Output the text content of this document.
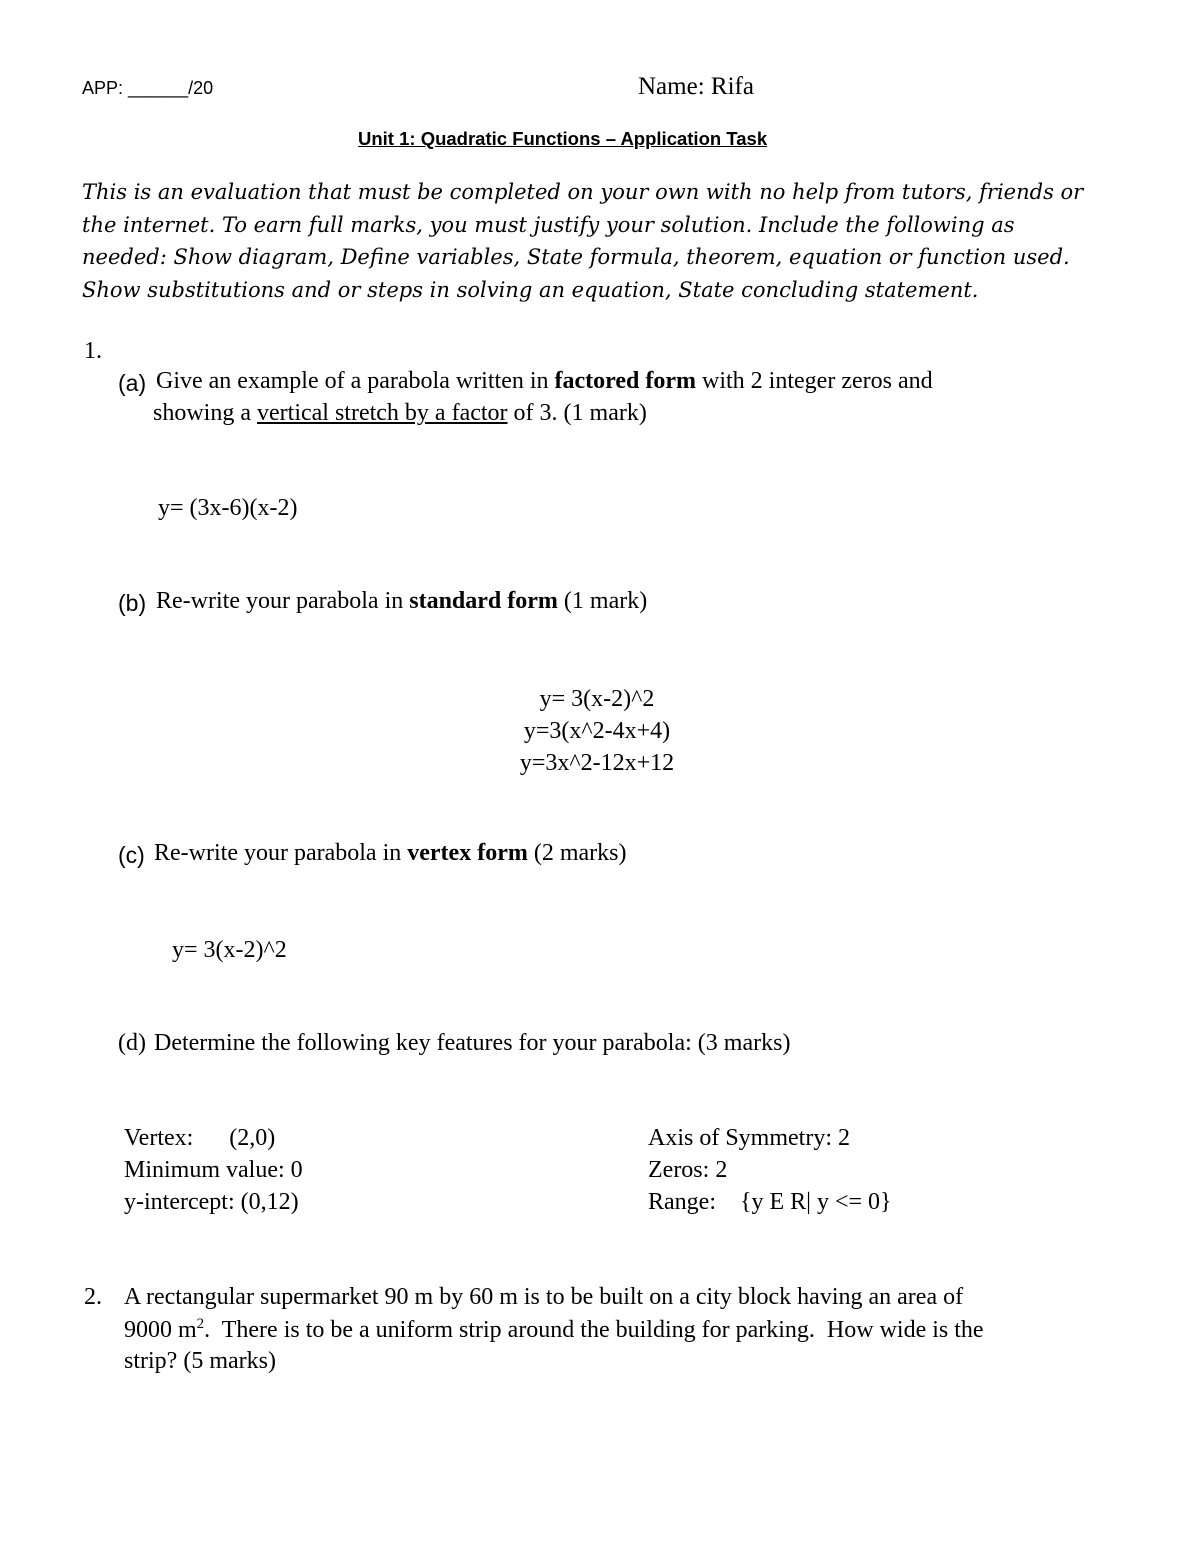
APP: ______/20	Name: Rifa
Unit 1: Quadratic Functions – Application Task
This is an evaluation that must be completed on your own with no help from tutors, friends or
the internet. To earn full marks, you must justify your solution. Include the following as
needed: Show diagram, Define variables, State formula, theorem, equation or function used.
Show substitutions and or steps in solving an equation, State concluding statement.
1.
(a) Give an example of a parabola written in factored form with 2 integer zeros and
showing a vertical stretch by a factor of 3. (1 mark)
y= (3x-6)(x-2)
(b) Re-write your parabola in standard form (1 mark)
y= 3(x-2)^2
y=3(x^2-4x+4)
y=3x^2-12x+12
(c) Re-write your parabola in vertex form (2 marks)
y= 3(x-2)^2
(d) Determine the following key features for your parabola: (3 marks)
Vertex:      (2,0)
Minimum value: 0
y-intercept: (0,12)
Axis of Symmetry: 2
Zeros: 2
Range:    {y E R| y <= 0}
2. A rectangular supermarket 90 m by 60 m is to be built on a city block having an area of
9000 $m^2$.  There is to be a uniform strip around the building for parking.  How wide is the
strip? (5 marks)
